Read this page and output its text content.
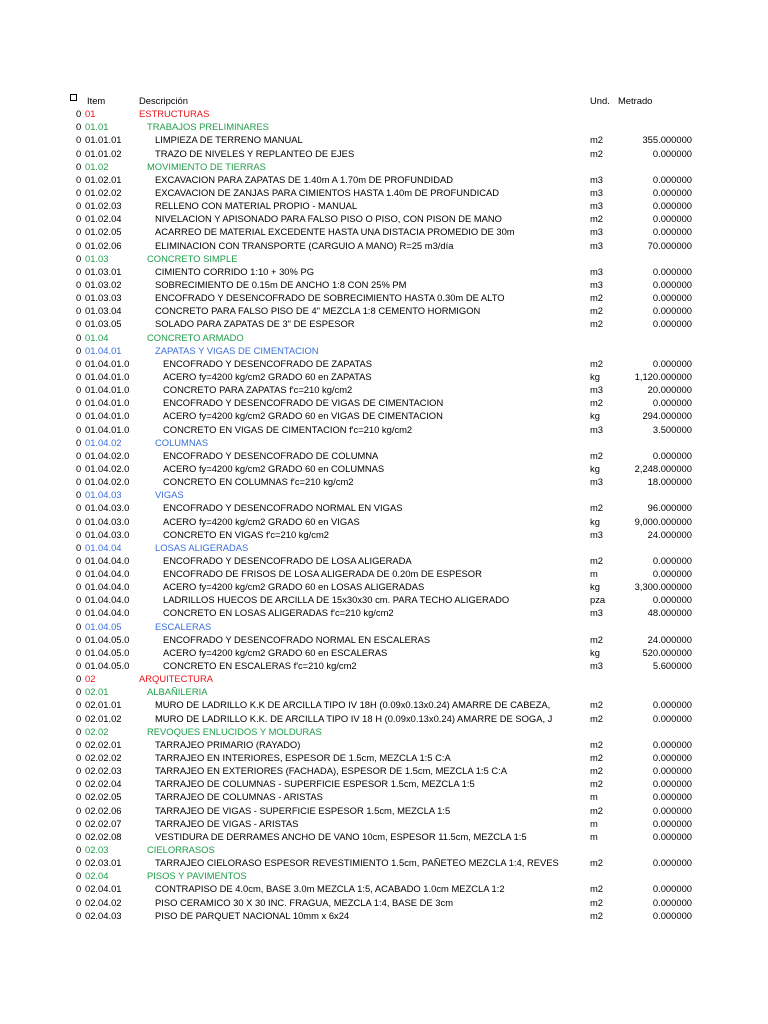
Item	Descripción	Und. Metrado
0 01	ESTRUCTURAS
0 01.01	TRABAJOS PRELIMINARES
0 01.01.01	LIMPIEZA DE TERRENO MANUAL	m2	355.000000
0 01.01.02	TRAZO DE NIVELES Y REPLANTEO DE EJES	m2	0.000000
0 01.02	MOVIMIENTO DE TIERRAS
0 01.02.01	EXCAVACION PARA ZAPATAS DE 1.40m A 1.70m DE PROFUNDIDAD	m3	0.000000
0 01.02.02	EXCAVACION DE ZANJAS PARA CIMIENTOS HASTA 1.40m DE PROFUNDICAD	m3	0.000000
0 01.02.03	RELLENO CON MATERIAL PROPIO - MANUAL	m3	0.000000
0 01.02.04	NIVELACION Y APISONADO PARA FALSO PISO O PISO, CON PISON DE MANO	m2	0.000000
0 01.02.05	ACARREO DE MATERIAL EXCEDENTE HASTA UNA DISTACIA PROMEDIO DE 30m	m3	0.000000
0 01.02.06	ELIMINACION CON TRANSPORTE (CARGUIO A MANO) R=25 m3/día	m3	70.000000
0 01.03	CONCRETO SIMPLE
0 01.03.01	CIMIENTO CORRIDO 1:10 + 30% PG	m3	0.000000
0 01.03.02	SOBRECIMIENTO DE 0.15m DE ANCHO 1:8 CON 25% PM	m3	0.000000
0 01.03.03	ENCOFRADO Y DESENCOFRADO DE SOBRECIMIENTO HASTA 0.30m DE ALTO	m2	0.000000
0 01.03.04	CONCRETO PARA FALSO PISO DE 4" MEZCLA 1:8 CEMENTO HORMIGON	m2	0.000000
0 01.03.05	SOLADO PARA ZAPATAS DE 3" DE ESPESOR	m2	0.000000
0 01.04	CONCRETO ARMADO
0 01.04.01	ZAPATAS Y VIGAS DE CIMENTACION
0 01.04.01.0	ENCOFRADO Y DESENCOFRADO DE ZAPATAS	m2	0.000000
0 01.04.01.0	ACERO fy=4200 kg/cm2 GRADO 60 en ZAPATAS	kg	1,120.000000
0 01.04.01.0	CONCRETO PARA ZAPATAS f'c=210 kg/cm2	m3	20.000000
0 01.04.01.0	ENCOFRADO Y DESENCOFRADO DE VIGAS DE CIMENTACION	m2	0.000000
0 01.04.01.0	ACERO fy=4200 kg/cm2 GRADO 60 en VIGAS DE CIMENTACION	kg	294.000000
0 01.04.01.0	CONCRETO EN VIGAS DE CIMENTACION f'c=210 kg/cm2	m3	3.500000
0 01.04.02	COLUMNAS
0 01.04.02.0	ENCOFRADO Y DESENCOFRADO DE COLUMNA	m2	0.000000
0 01.04.02.0	ACERO fy=4200 kg/cm2 GRADO 60 en COLUMNAS	kg	2,248.000000
0 01.04.02.0	CONCRETO EN COLUMNAS f'c=210 kg/cm2	m3	18.000000
0 01.04.03	VIGAS
0 01.04.03.0	ENCOFRADO Y DESENCOFRADO NORMAL EN VIGAS	m2	96.000000
0 01.04.03.0	ACERO fy=4200 kg/cm2 GRADO 60 en VIGAS	kg	9,000.000000
0 01.04.03.0	CONCRETO EN VIGAS f'c=210 kg/cm2	m3	24.000000
0 01.04.04	LOSAS ALIGERADAS
0 01.04.04.0	ENCOFRADO Y DESENCOFRADO DE LOSA ALIGERADA	m2	0.000000
0 01.04.04.0	ENCOFRADO DE FRISOS DE LOSA ALIGERADA DE 0.20m DE ESPESOR	m	0.000000
0 01.04.04.0	ACERO fy=4200 kg/cm2 GRADO 60 en LOSAS ALIGERADAS	kg	3,300.000000
0 01.04.04.0	LADRILLOS HUECOS DE ARCILLA DE 15x30x30 cm. PARA TECHO ALIGERADO	pza	0.000000
0 01.04.04.0	CONCRETO EN LOSAS ALIGERADAS f'c=210 kg/cm2	m3	48.000000
0 01.04.05	ESCALERAS
0 01.04.05.0	ENCOFRADO Y DESENCOFRADO NORMAL EN ESCALERAS	m2	24.000000
0 01.04.05.0	ACERO fy=4200 kg/cm2 GRADO 60 en ESCALERAS	kg	520.000000
0 01.04.05.0	CONCRETO EN ESCALERAS f'c=210 kg/cm2	m3	5.600000
0 02	ARQUITECTURA
0 02.01	ALBAÑILERIA
0 02.01.01	MURO DE LADRILLO K.K DE ARCILLA TIPO IV 18H (0.09x0.13x0.24) AMARRE DE CABEZA,	m2	0.000000
0 02.01.02	MURO DE LADRILLO K.K. DE ARCILLA TIPO IV 18 H (0.09x0.13x0.24) AMARRE DE SOGA, J	m2	0.000000
0 02.02	REVOQUES ENLUCIDOS Y MOLDURAS
0 02.02.01	TARRAJEO PRIMARIO (RAYADO)	m2	0.000000
0 02.02.02	TARRAJEO EN INTERIORES, ESPESOR DE 1.5cm, MEZCLA 1:5 C:A	m2	0.000000
0 02.02.03	TARRAJEO EN EXTERIORES (FACHADA), ESPESOR DE 1.5cm, MEZCLA 1:5 C:A	m2	0.000000
0 02.02.04	TARRAJEO DE COLUMNAS - SUPERFICIE ESPESOR 1.5cm, MEZCLA 1:5	m2	0.000000
0 02.02.05	TARRAJEO DE COLUMNAS - ARISTAS	m	0.000000
0 02.02.06	TARRAJEO DE VIGAS - SUPERFICIE ESPESOR 1.5cm, MEZCLA 1:5	m2	0.000000
0 02.02.07	TARRAJEO DE VIGAS - ARISTAS	m	0.000000
0 02.02.08	VESTIDURA DE DERRAMES ANCHO DE VANO 10cm, ESPESOR 11.5cm, MEZCLA 1:5	m	0.000000
0 02.03	CIELORRASOS
0 02.03.01	TARRAJEO CIELORASO ESPESOR REVESTIMIENTO 1.5cm, PAÑETEO MEZCLA 1:4, REVES	m2	0.000000
0 02.04	PISOS Y PAVIMENTOS
0 02.04.01	CONTRAPISO DE 4.0cm, BASE 3.0m MEZCLA 1:5, ACABADO 1.0cm MEZCLA 1:2	m2	0.000000
0 02.04.02	PISO CERAMICO 30 X 30 INC. FRAGUA, MEZCLA 1:4, BASE DE 3cm	m2	0.000000
0 02.04.03	PISO DE PARQUET NACIONAL 10mm x 6x24	m2	0.000000
